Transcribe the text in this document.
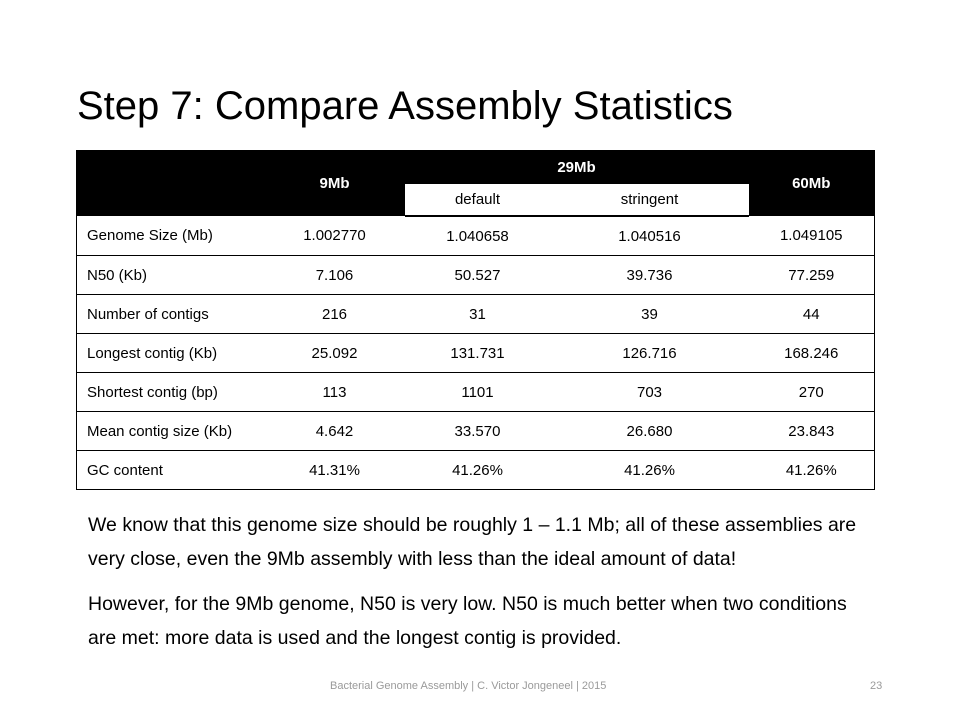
Step 7: Compare Assembly Statistics
	9Mb	29Mb		60Mb
		default	stringent	
Genome Size (Mb)	1.002770	1.040658	1.040516	1.049105
N50 (Kb)	7.106	50.527	39.736	77.259
Number of contigs	216	31	39	44
Longest contig (Kb)	25.092	131.731	126.716	168.246
Shortest contig (bp)	113	1101	703	270
Mean contig size (Kb)	4.642	33.570	26.680	23.843
GC content	41.31%	41.26%	41.26%	41.26%

We know that this genome size should be roughly 1 – 1.1 Mb; all of these assemblies are very close, even the 9Mb assembly with less than the ideal amount of data!

However, for the 9Mb genome, N50 is very low. N50 is much better when two conditions are met: more data is used and the longest contig is provided.

Bacterial Genome Assembly | C. Victor Jongeneel | 2015	23
